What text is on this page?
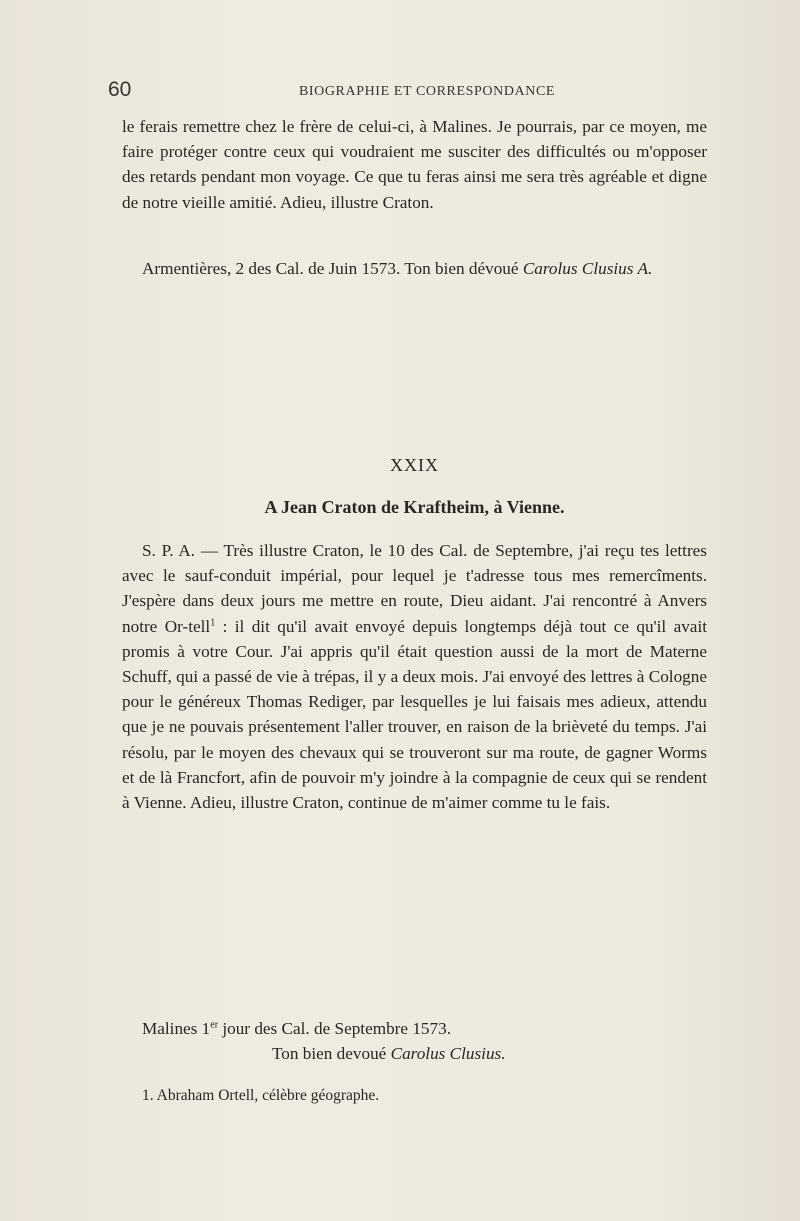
60	BIOGRAPHIE ET CORRESPONDANCE

le ferais remettre chez le frère de celui-ci, à Malines. Je pourrais, par ce moyen, me faire protéger contre ceux qui voudraient me susciter des difficultés ou m'opposer des retards pendant mon voyage. Ce que tu feras ainsi me sera très agréable et digne de notre vieille amitié. Adieu, illustre Craton.

Armentières, 2 des Cal. de Juin 1573. Ton bien dévoué Carolus Clusius A.

XXIX
A Jean Craton de Kraftheim, à Vienne.

S. P. A. — Très illustre Craton, le 10 des Cal. de Septembre, j'ai reçu tes lettres avec le sauf-conduit impérial, pour lequel je t'adresse tous mes remercîments. J'espère dans deux jours me mettre en route, Dieu aidant. J'ai rencontré à Anvers notre Or-tell$^1$ : il dit qu'il avait envoyé depuis longtemps déjà tout ce qu'il avait promis à votre Cour. J'ai appris qu'il était question aussi de la mort de Materne Schuff, qui a passé de vie à trépas, il y a deux mois. J'ai envoyé des lettres à Cologne pour le généreux Thomas Rediger, par lesquelles je lui faisais mes adieux, attendu que je ne pouvais présentement l'aller trouver, en raison de la brièveté du temps. J'ai résolu, par le moyen des chevaux qui se trouveront sur ma route, de gagner Worms et de là Francfort, afin de pouvoir m'y joindre à la compagnie de ceux qui se rendent à Vienne. Adieu, illustre Craton, continue de m'aimer comme tu le fais.

Malines 1er jour des Cal. de Septembre 1573.
Ton bien devoué Carolus Clusius.
1. Abraham Ortell, célèbre géographe.
